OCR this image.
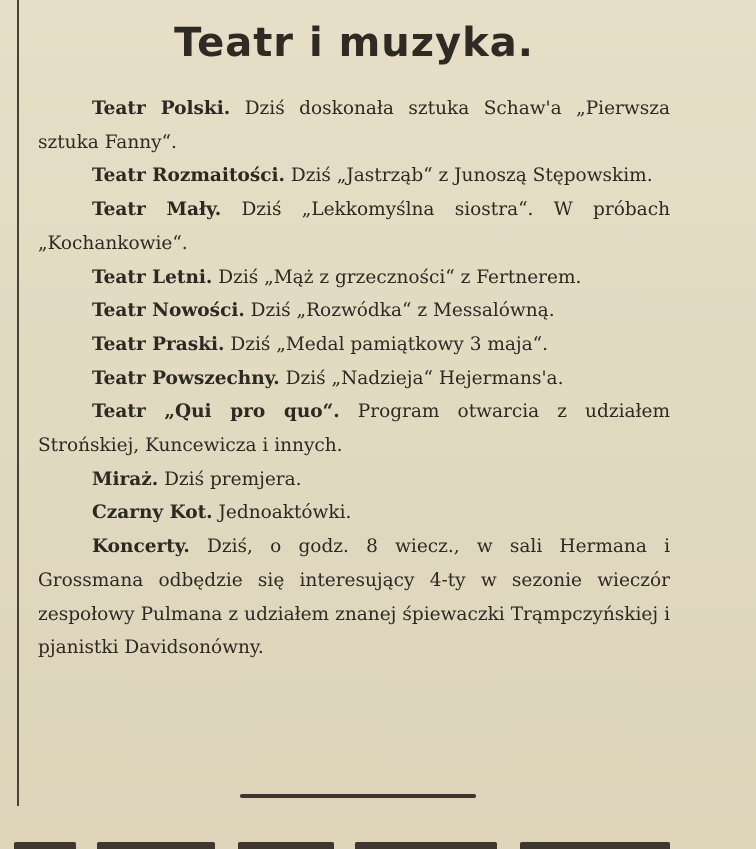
Teatr i muzyka.

Teatr Polski. Dziś doskonała sztuka Schaw'a „Pierwsza sztuka Fanny“.

Teatr Rozmaitości. Dziś „Jastrząb“ z Junoszą Stępowskim.

Teatr Mały. Dziś „Lekkomyślna siostra“. W próbach „Kochankowie“.

Teatr Letni. Dziś „Mąż z grzeczności“ z Fertnerem.

Teatr Nowości. Dziś „Rozwódka“ z Messalówną.

Teatr Praski. Dziś „Medal pamiątkowy 3 maja“.

Teatr Powszechny. Dziś „Nadzieja“ Hejermans'a.

Teatr „Qui pro quo“. Program otwarcia z udziałem Strońskiej, Kuncewicza i innych.

Miraż. Dziś premjera.

Czarny Kot. Jednoaktówki.

Koncerty. Dziś, o godz. 8 wiecz., w sali Hermana i Grossmana odbędzie się interesujący 4-ty w sezonie wieczór zespołowy Pulmana z udziałem znanej śpiewaczki Trąmpczyńskiej i pjanistki Davidsonówny.
